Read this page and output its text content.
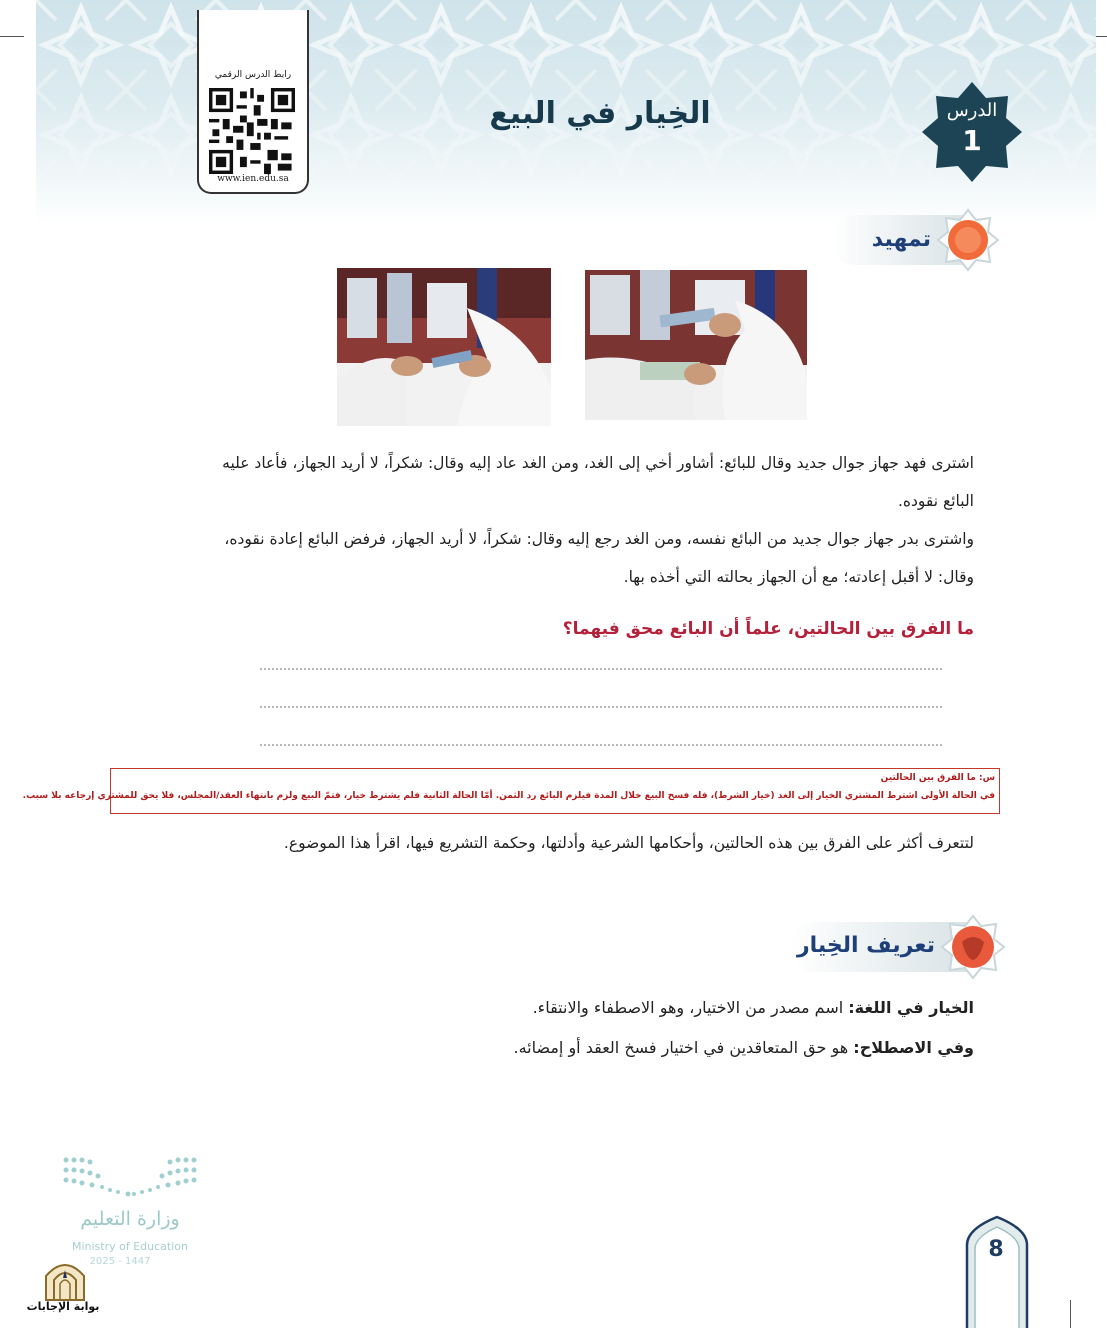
رابط الدرس الرقمي
www.ien.edu.sa
الخِيار في البيع	الدرس
1
تمهيد
اشترى فهد جهاز جوال جديد وقال للبائع: أشاور أخي إلى الغد، ومن الغد عاد إليه وقال: شكراً، لا أريد الجهاز، فأعاد عليه
البائع نقوده.
واشترى بدر جهاز جوال جديد من البائع نفسه، ومن الغد رجع إليه وقال: شكراً، لا أريد الجهاز، فرفض البائع إعادة نقوده،
وقال: لا أقبل إعادته؛ مع أن الجهاز بحالته التي أخذه بها.
ما الفرق بين الحالتين، علماً أن البائع محق فيهما؟
س: ما الفرق بين الحالتين
في الحالة الأولى اشترط المشتري الخيار إلى الغد (خيار الشرط)، فله فسخ البيع خلال المدة فيلزم البائع رد الثمن. أمّا الحالة الثانية فلم يشترط خيار، فتمّ البيع ولزم بانتهاء العقد/المجلس، فلا يحق للمشتري إرجاعه بلا سبب.
لتتعرف أكثر على الفرق بين هذه الحالتين، وأحكامها الشرعية وأدلتها، وحكمة التشريع فيها، اقرأ هذا الموضوع.
تعريف الخِيار
الخيار في اللغة: اسم مصدر من الاختيار، وهو الاصطفاء والانتقاء.
وفي الاصطلاح: هو حق المتعاقدين في اختيار فسخ العقد أو إمضائه.
وزارة التعليم
Ministry of Education
2025 - 1447
بوابة الإجابات
8
